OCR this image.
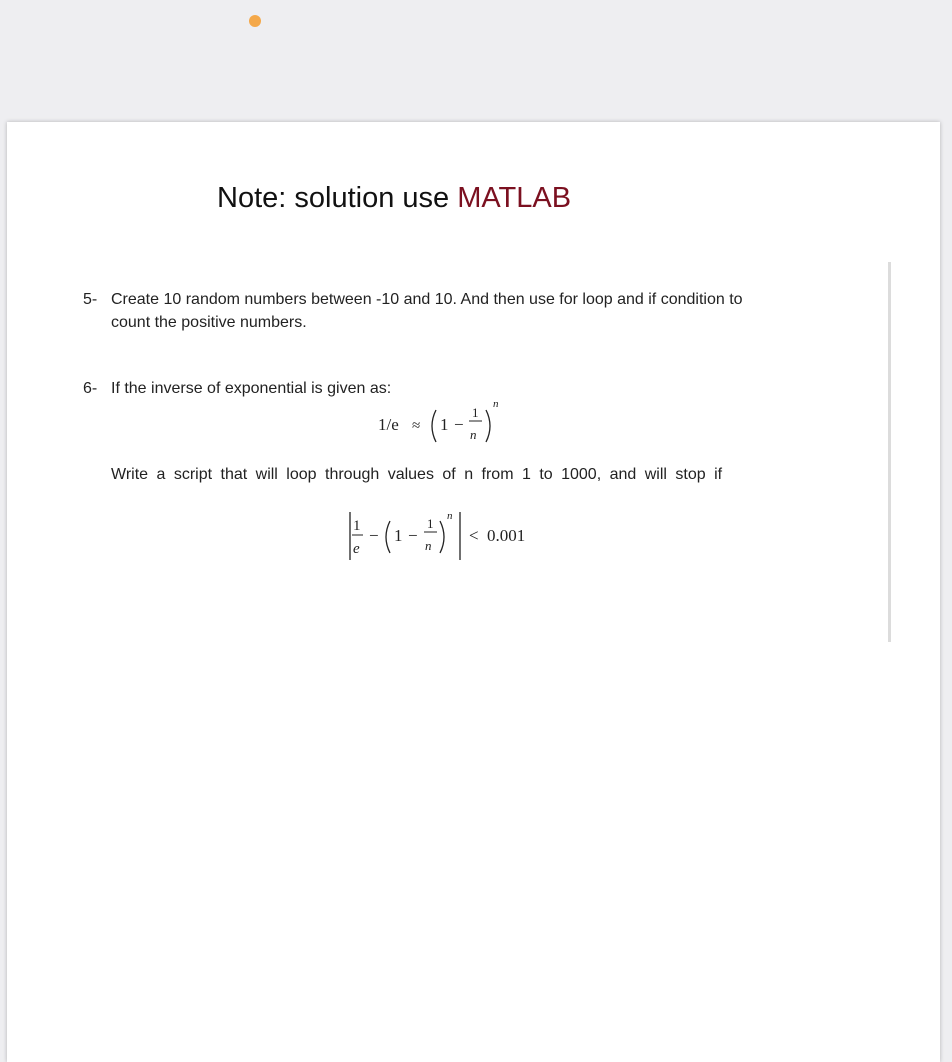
Note: solution use MATLAB
5- Create 10 random numbers between -10 and 10. And then use for loop and if condition to count the positive numbers.
6- If the inverse of exponential is given as:
1/e ≈ 1 −
1
n
n
Write a script that will loop through values of n from 1 to 1000, and will stop if
1
e
− 1 −
1
n
n
< 0.001
